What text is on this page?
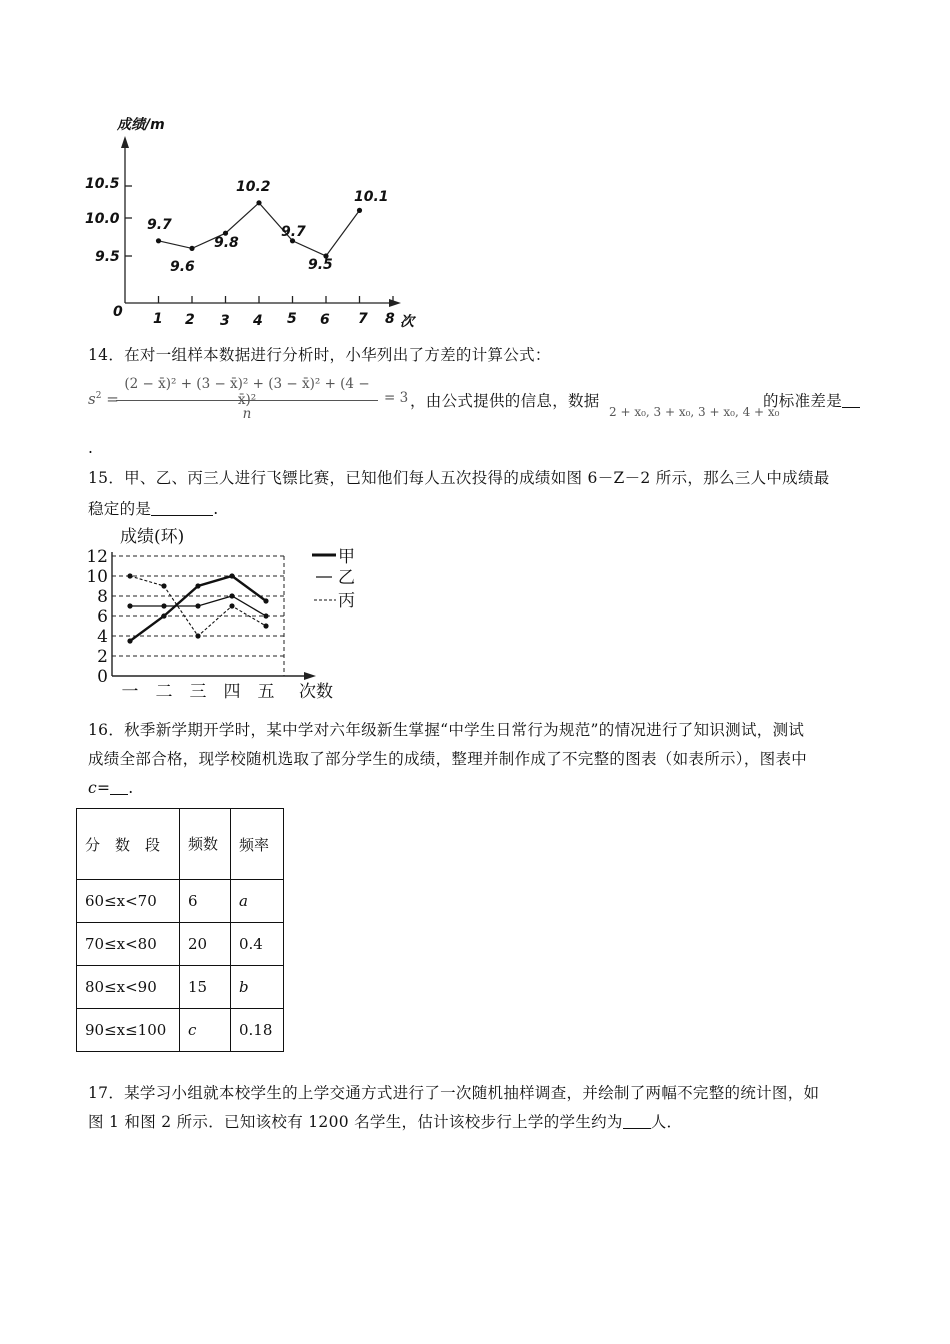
成绩/m
10.5
10.0
9.5
0 1 2 3 4 5 6 7 8 次
9.7
9.6
9.8
10.2
9.7
9.5
10.1
14．在对一组样本数据进行分析时，小华列出了方差的计算公式：
$s^2$ =
(2 − x̄)² + (3 − x̄)² + (3 − x̄)² + (4 − x̄)²
n
= 3 ，由公式提供的信息，数据
2 + x₀, 3 + x₀, 3 + x₀, 4 + x₀
的标准差是
.
15．甲、乙、丙三人进行飞镖比赛，已知他们每人五次投得的成绩如图 6－Z－2 所示，那么三人中成绩最
稳定的是	.
12
10
8
6
4
2
0
一 二 三 四 五
成绩(环)
次数
甲
乙
丙
16．秋季新学期开学时，某中学对六年级新生掌握“中学生日常行为规范”的情况进行了知识测试，测试
成绩全部合格，现学校随机选取了部分学生的成绩，整理并制作成了不完整的图表（如表所示），图表中
c= .
分　数　段	频数	频率
60≤x<70	6	a
70≤x<80	20	0.4
80≤x<90	15	b
90≤x≤100	c	0.18
17．某学习小组就本校学生的上学交通方式进行了一次随机抽样调查，并绘制了两幅不完整的统计图，如
图 1 和图 2 所示．已知该校有 1200 名学生，估计该校步行上学的学生约为 人．
